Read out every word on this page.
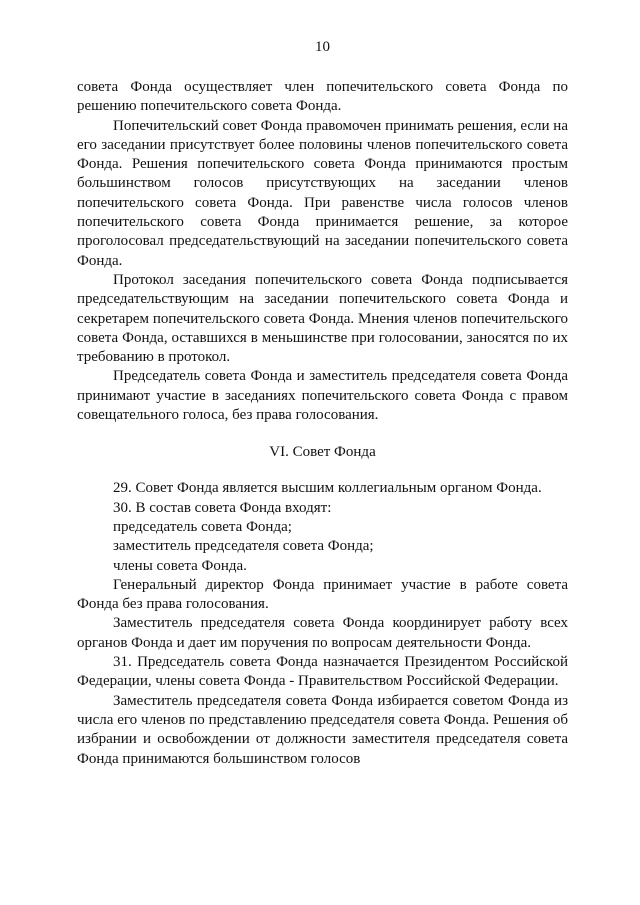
10

совета Фонда осуществляет член попечительского совета Фонда по решению попечительского совета Фонда.

Попечительский совет Фонда правомочен принимать решения, если на его заседании присутствует более половины членов попечительского совета Фонда. Решения попечительского совета Фонда принимаются простым большинством голосов присутствующих на заседании членов попечительского совета Фонда. При равенстве числа голосов членов попечительского совета Фонда принимается решение, за которое проголосовал председательствующий на заседании попечительского совета Фонда.

Протокол заседания попечительского совета Фонда подписывается председательствующим на заседании попечительского совета Фонда и секретарем попечительского совета Фонда. Мнения членов попечительского совета Фонда, оставшихся в меньшинстве при голосовании, заносятся по их требованию в протокол.

Председатель совета Фонда и заместитель председателя совета Фонда принимают участие в заседаниях попечительского совета Фонда с правом совещательного голоса, без права голосования.

VI. Совет Фонда

29. Совет Фонда является высшим коллегиальным органом Фонда.

30. В состав совета Фонда входят:

председатель совета Фонда;

заместитель председателя совета Фонда;

члены совета Фонда.

Генеральный директор Фонда принимает участие в работе совета Фонда без права голосования.

Заместитель председателя совета Фонда координирует работу всех органов Фонда и дает им поручения по вопросам деятельности Фонда.

31. Председатель совета Фонда назначается Президентом Российской Федерации, члены совета Фонда - Правительством Российской Федерации.

Заместитель председателя совета Фонда избирается советом Фонда из числа его членов по представлению председателя совета Фонда. Решения об избрании и освобождении от должности заместителя председателя совета Фонда принимаются большинством голосов
